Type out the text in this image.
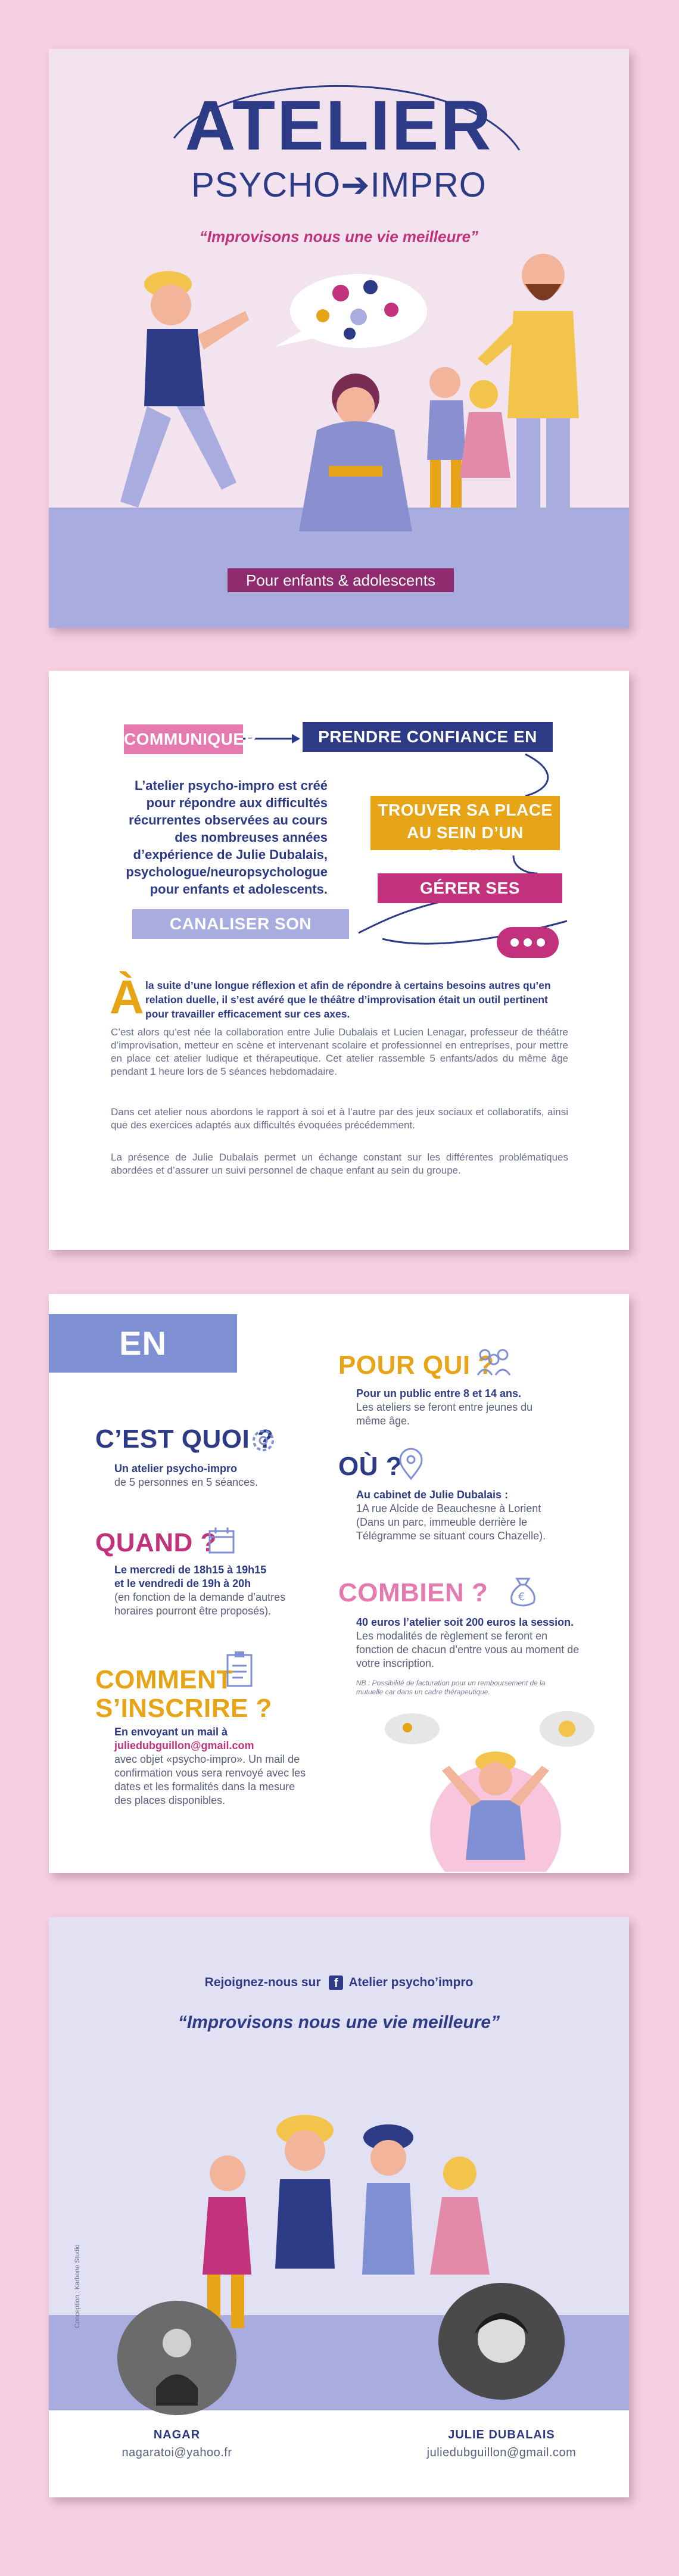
ATELIER
PSYCHO➔IMPRO
“Improvisons nous une vie meilleure”
Pour enfants & adolescents
COMMUNIQUER	PRENDRE CONFIANCE EN SOI
TROUVER SA PLACE
AU SEIN D’UN GROUPE
GÉRER SES ÉMOTIONS
CANALISER SON ATTENTION
L’atelier psycho-impro est créé pour répondre aux difficultés récurrentes observées au cours des nombreuses années d’expérience de Julie Dubalais, psychologue/neuropsychologue pour enfants et adolescents.
À la suite d’une longue réflexion et afin de répondre à certains besoins autres qu’en relation duelle, il s’est avéré que le théâtre d’improvisation était un outil pertinent pour travailler efficacement sur ces axes.
C’est alors qu’est née la collaboration entre Julie Dubalais et Lucien Lenagar, professeur de théâtre d’improvisation, metteur en scène et intervenant scolaire et professionnel en entreprises, pour mettre en place cet atelier ludique et thérapeutique. Cet atelier rassemble 5 enfants/ados du même âge pendant 1 heure lors de 5 séances hebdomadaire.
Dans cet atelier nous abordons le rapport à soi et à l’autre par des jeux sociaux et collaboratifs, ainsi que des exercices adaptés aux difficultés évoquées précédemment.
La présence de Julie Dubalais permet un échange constant sur les différentes problématiques abordées et d’assurer un suivi personnel de chaque enfant au sein du groupe.
EN RÉSUMÉ
C’EST QUOI ?
Un atelier psycho-impro
de 5 personnes en 5 séances.
QUAND ?
Le mercredi de 18h15 à 19h15
et le vendredi de 19h à 20h
(en fonction de la demande d’autres horaires pourront être proposés).
COMMENT
S’INSCRIRE ?
En envoyant un mail à
juliedubguillon@gmail.com
avec objet «psycho-impro». Un mail de confirmation vous sera renvoyé avec les dates et les formalités dans la mesure des places disponibles.
POUR QUI ?
Pour un public entre 8 et 14 ans.
Les ateliers se feront entre jeunes du même âge.
OÙ ?
Au cabinet de Julie Dubalais :
1A rue Alcide de Beauchesne à Lorient (Dans un parc, immeuble derrière le Télégramme se situant cours Chazelle).
COMBIEN ?	€
40 euros l’atelier soit 200 euros la session.
Les modalités de règlement se feront en fonction de chacun d’entre vous au moment de votre inscription.
NB : Possibilité de facturation pour un remboursement de la mutuelle car dans un cadre thérapeutique.
Rejoignez-nous sur f Atelier psycho’impro
“Improvisons nous une vie meilleure”
Conception : Karbone Studio
NAGAR
nagaratoi@yahoo.fr
JULIE DUBALAIS
juliedubguillon@gmail.com
